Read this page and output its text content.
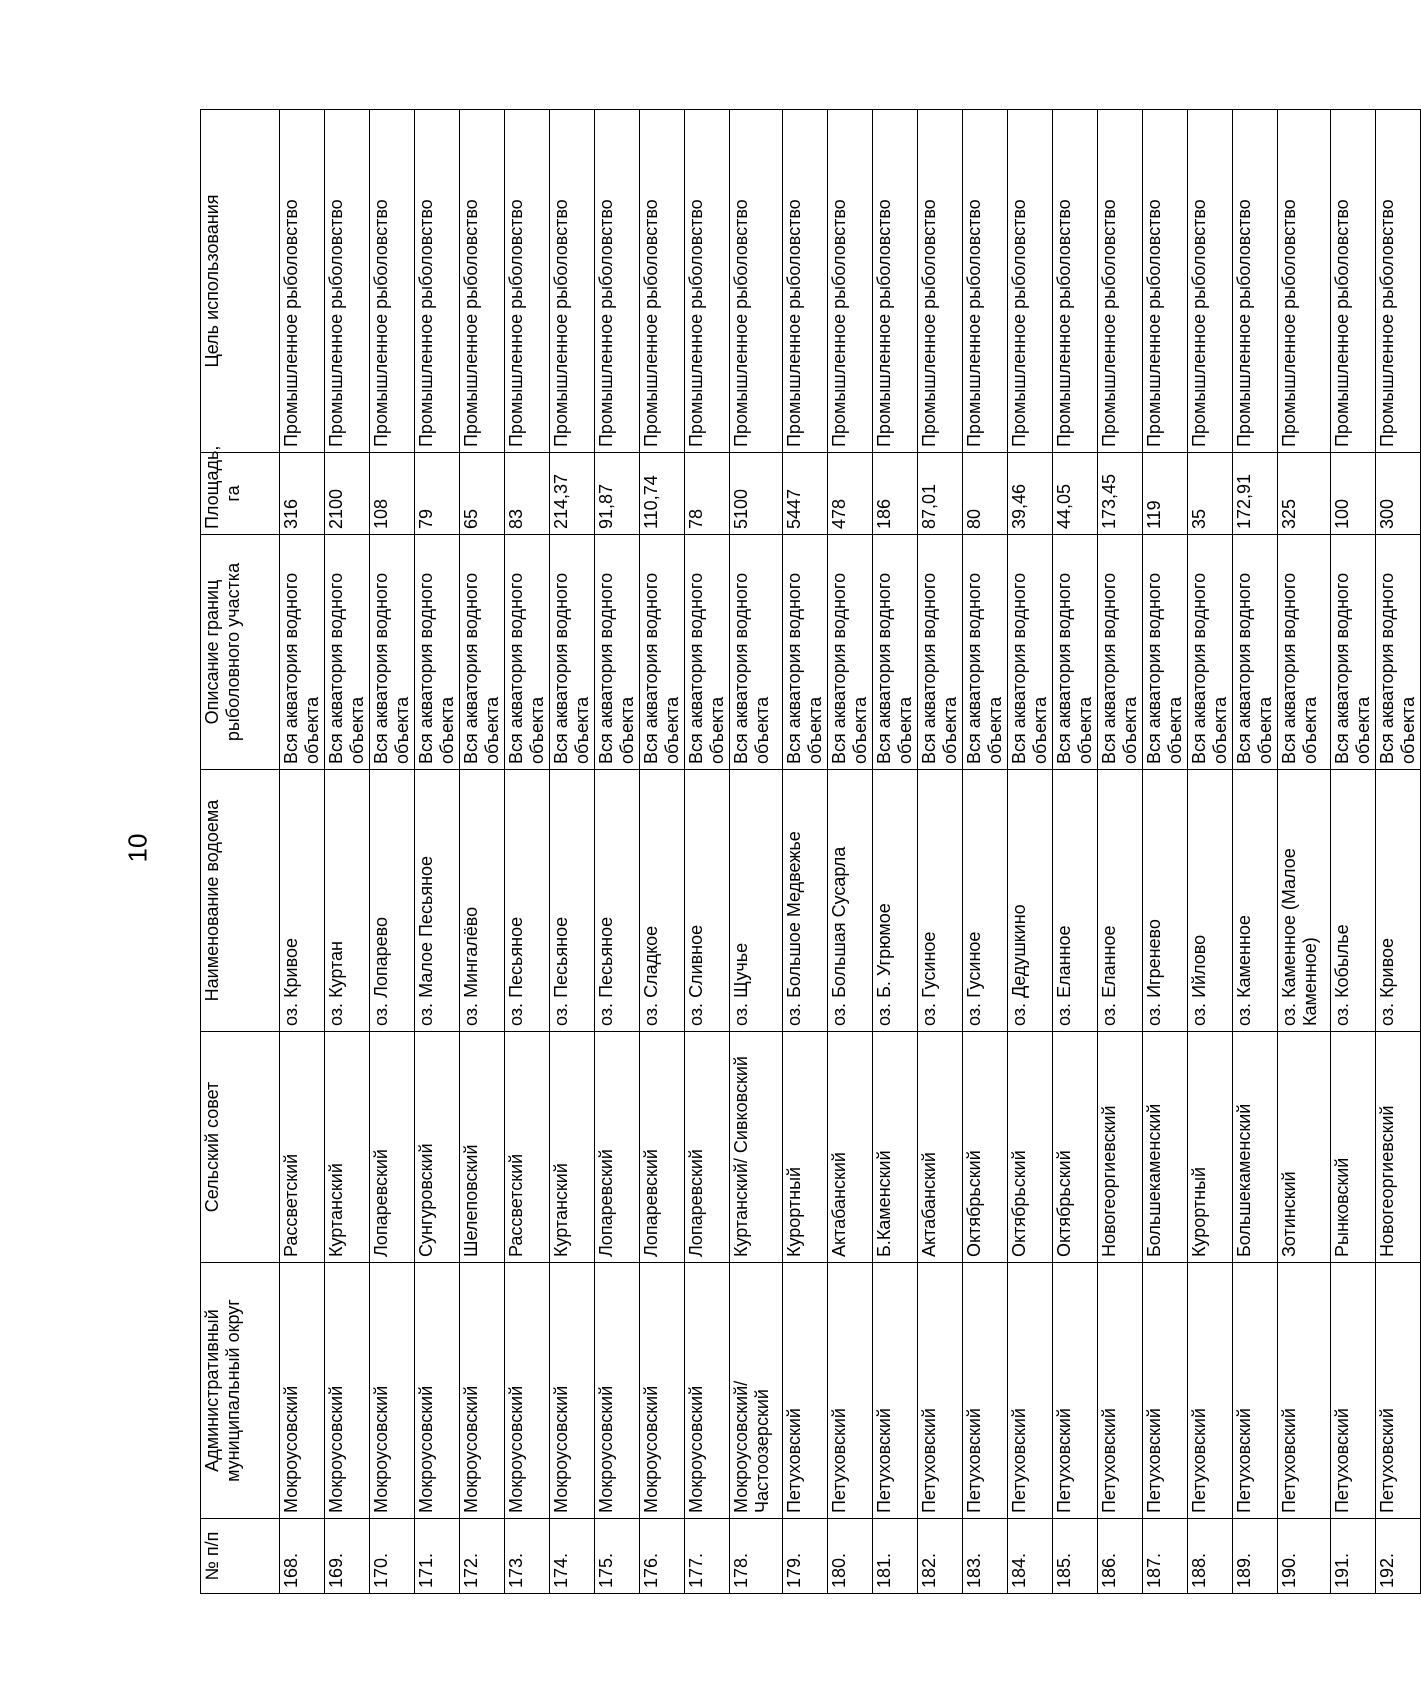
10
№ п/п	Административный муниципальный округ	Сельский совет	Наименование водоема	Описание границ рыболовного участка	Площадь, га	Цель использования
168.	Мокроусовский	Рассветский	оз. Кривое	Вся акватория водного объекта	316	Промышленное рыболовство
169.	Мокроусовский	Куртанский	оз. Куртан	Вся акватория водного объекта	2100	Промышленное рыболовство
170.	Мокроусовский	Лопаревский	оз. Лопарево	Вся акватория водного объекта	108	Промышленное рыболовство
171.	Мокроусовский	Сунгуровский	оз. Малое Песьяное	Вся акватория водного объекта	79	Промышленное рыболовство
172.	Мокроусовский	Шелеповский	оз. Мингалёво	Вся акватория водного объекта	65	Промышленное рыболовство
173.	Мокроусовский	Рассветский	оз. Песьяное	Вся акватория водного объекта	83	Промышленное рыболовство
174.	Мокроусовский	Куртанский	оз. Песьяное	Вся акватория водного объекта	214,37	Промышленное рыболовство
175.	Мокроусовский	Лопаревский	оз. Песьяное	Вся акватория водного объекта	91,87	Промышленное рыболовство
176.	Мокроусовский	Лопаревский	оз. Сладкое	Вся акватория водного объекта	110,74	Промышленное рыболовство
177.	Мокроусовский	Лопаревский	оз. Сливное	Вся акватория водного объекта	78	Промышленное рыболовство
178.	Мокроусовский/ Частоозерский	Куртанский/ Сивковский	оз. Щучье	Вся акватория водного объекта	5100	Промышленное рыболовство
179.	Петуховский	Курортный	оз. Большое Медвежье	Вся акватория водного объекта	5447	Промышленное рыболовство
180.	Петуховский	Актабанский	оз. Большая Сусарла	Вся акватория водного объекта	478	Промышленное рыболовство
181.	Петуховский	Б.Каменский	оз. Б. Угрюмое	Вся акватория водного объекта	186	Промышленное рыболовство
182.	Петуховский	Актабанский	оз. Гусиное	Вся акватория водного объекта	87,01	Промышленное рыболовство
183.	Петуховский	Октябрьский	оз. Гусиное	Вся акватория водного объекта	80	Промышленное рыболовство
184.	Петуховский	Октябрьский	оз. Дедушкино	Вся акватория водного объекта	39,46	Промышленное рыболовство
185.	Петуховский	Октябрьский	оз. Еланное	Вся акватория водного объекта	44,05	Промышленное рыболовство
186.	Петуховский	Новогеоргиевский	оз. Еланное	Вся акватория водного объекта	173,45	Промышленное рыболовство
187.	Петуховский	Большекаменский	оз. Игренево	Вся акватория водного объекта	119	Промышленное рыболовство
188.	Петуховский	Курортный	оз. Ийлово	Вся акватория водного объекта	35	Промышленное рыболовство
189.	Петуховский	Большекаменский	оз. Каменное	Вся акватория водного объекта	172,91	Промышленное рыболовство
190.	Петуховский	Зотинский	оз. Каменное (Малое Каменное)	Вся акватория водного объекта	325	Промышленное рыболовство
191.	Петуховский	Рынковский	оз. Кобылье	Вся акватория водного объекта	100	Промышленное рыболовство
192.	Петуховский	Новогеоргиевский	оз. Кривое	Вся акватория водного объекта	300	Промышленное рыболовство
